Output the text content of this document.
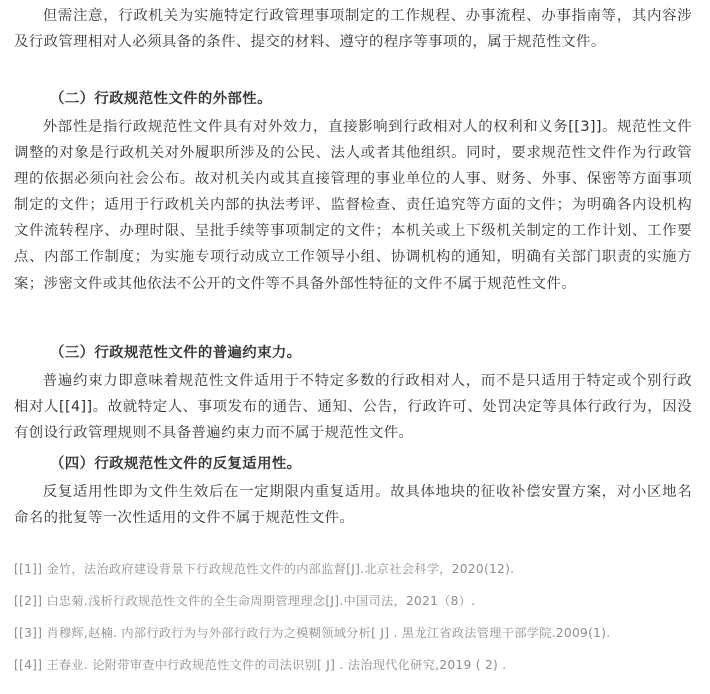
但需注意，行政机关为实施特定行政管理事项制定的工作规程、办事流程、办事指南等，其内容涉及行政管理相对人必须具备的条件、提交的材料、遵守的程序等事项的，属于规范性文件。

（二）行政规范性文件的外部性。

外部性是指行政规范性文件具有对外效力，直接影响到行政相对人的权利和义务[[3]]。规范性文件调整的对象是行政机关对外履职所涉及的公民、法人或者其他组织。同时，要求规范性文件作为行政管理的依据必须向社会公布。故对机关内或其直接管理的事业单位的人事、财务、外事、保密等方面事项制定的文件；适用于行政机关内部的执法考评、监督检查、责任追究等方面的文件；为明确各内设机构文件流转程序、办理时限、呈批手续等事项制定的文件；本机关或上下级机关制定的工作计划、工作要点、内部工作制度；为实施专项行动成立工作领导小组、协调机构的通知，明确有关部门职责的实施方案；涉密文件或其他依法不公开的文件等不具备外部性特征的文件不属于规范性文件。

（三）行政规范性文件的普遍约束力。

普遍约束力即意味着规范性文件适用于不特定多数的行政相对人，而不是只适用于特定或个别行政相对人[[4]]。故就特定人、事项发布的通告、通知、公告，行政许可、处罚决定等具体行政行为，因没有创设行政管理规则不具备普遍约束力而不属于规范性文件。

（四）行政规范性文件的反复适用性。

反复适用性即为文件生效后在一定期限内重复适用。故具体地块的征收补偿安置方案，对小区地名命名的批复等一次性适用的文件不属于规范性文件。

[[1]] 金竹，法治政府建设背景下行政规范性文件的内部监督[J].北京社会科学，2020(12).

[[2]] 白忠菊.浅析行政规范性文件的全生命周期管理理念[J].中国司法，2021（8）.

[[3]] 肖穆辉,赵楠. 内部行政行为与外部行政行为之模糊领域分析[ J] . 黑龙江省政法管理干部学院.2009(1).

[[4]] 王春业. 论附带审查中行政规范性文件的司法识别[ J] . 法治现代化研究,2019 ( 2) .
